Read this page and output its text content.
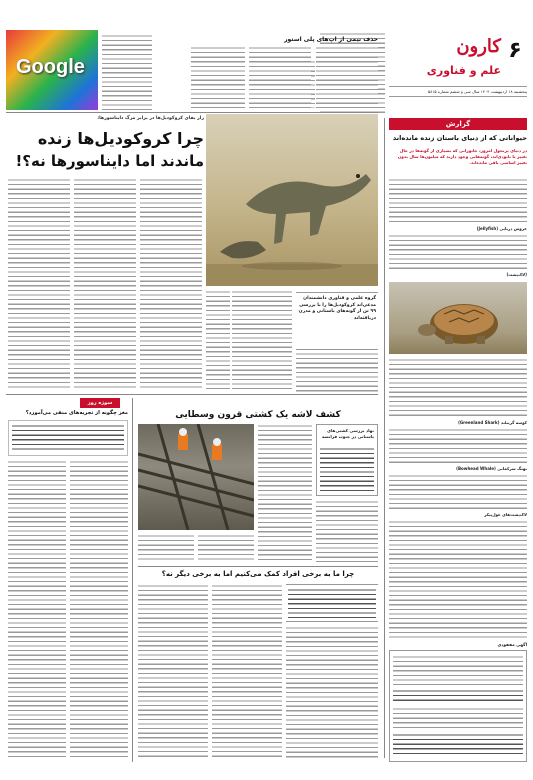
۶
کارون
علم و فناوری
پنجشنبه ۱۸ اردیبهشت ۱۴۰۴ سال سی و ششم شماره ۵۸۱۵
گزارش
حیواناتی که از دنیای باستان زنده مانده‌اند
در دنیای پرتحول امروز، جانورانی که بسیاری از گونه‌ها در حال تغییر یا نابودی‌اند، گونه‌هایی وجود دارند که میلیون‌ها سال بدون تغییر اساسی باقی مانده‌اند.
عروس دریایی (Jellyfish)
(لاک‌پشت)
کوسه گرینلند (Greenland Shark)
نهنگ سرکمانی (Bowhead Whale)
لاک‌پشت‌های غول‌پیکر
آگهی مفقودی
حذف نیمی از اپ‌های پلی استور
Google
راز بقای کروکودیل‌ها در برابر مرگ دایناسورها:
چرا کروکودیل‌ها زنده
ماندند اما دایناسورها نه؟!
گروه علمی و فناوری دانشمندان مدعی‌اند کروکودیل‌ها را با بررسی ۹۹ تن از گونه‌های باستانی و مدرن دریافته‌اند
سوژه روز
مغز چگونه از تجربه‌های منفی می‌آموزد؟	کشف لاشه یک کشتی قرون وسطایی
نهاد بررسی کشتی‌های باستانی در جنوب فرانسه
چرا ما به برخی افراد کمک می‌کنیم اما به برخی دیگر نه؟
